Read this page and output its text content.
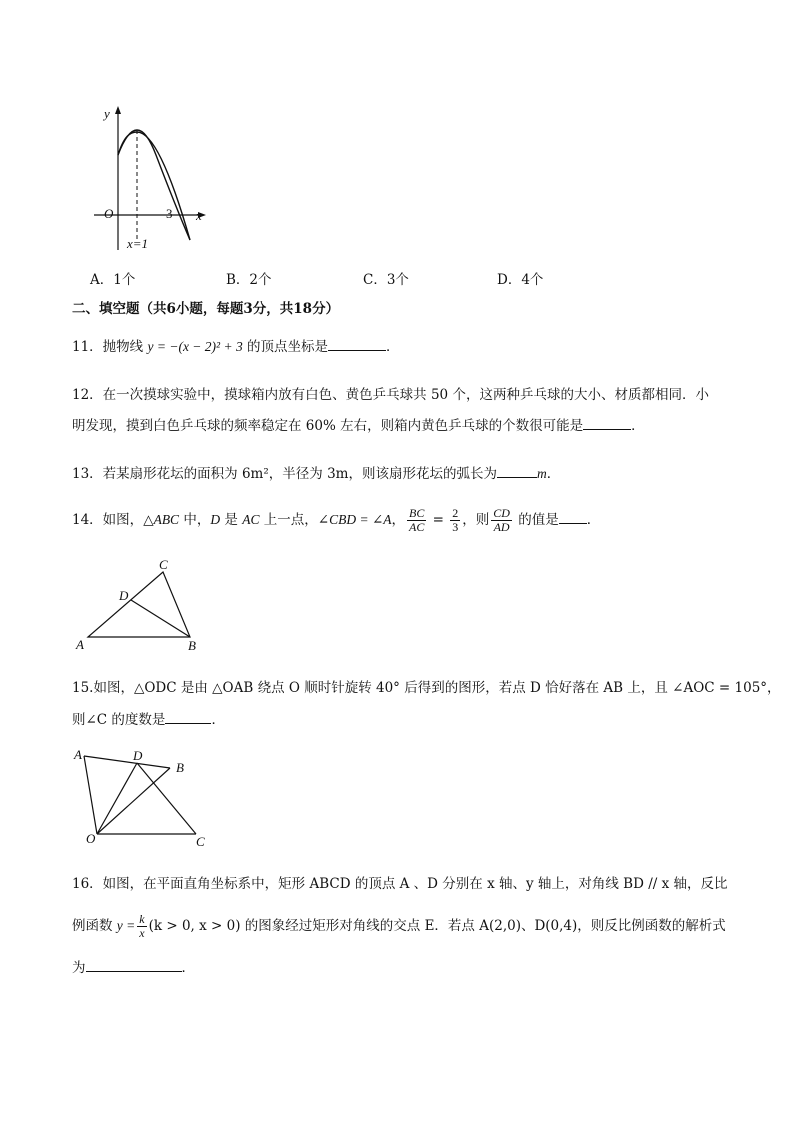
y
x
O	3
x=1
A．1个	B．2个	C．3个	D．4个
二、填空题（共6小题，每题3分，共18分）
11．抛物线 y = −(x − 2)² + 3 的顶点坐标是	．
12．在一次摸球实验中，摸球箱内放有白色、黄色乒乓球共 50 个，这两种乒乓球的大小、材质都相同．小
明发现，摸到白色乒乓球的频率稳定在 60% 左右，则箱内黄色乒乓球的个数很可能是	．
13．若某扇形花坛的面积为 6m²，半径为 3m，则该扇形花坛的弧长为	m．
14．如图，△ABC 中，D 是 AC 上一点，∠CBD = ∠A， $\frac{BC}{AC} = \frac{2}{3}$ ，则 $\frac{CD}{AD}$ 的值是 ．
A	B
C
D
15.如图，△ODC 是由 △OAB 绕点 O 顺时针旋转 40° 后得到的图形，若点 D 恰好落在 AB 上，且 ∠AOC = 105°，
则∠C 的度数是	．
A
B
C
D
O
16．如图，在平面直角坐标系中，矩形 ABCD 的顶点 A 、D 分别在 x 轴、y 轴上，对角线 BD // x 轴，反比
例函数 $y = \frac{k}{x} (k > 0$, x > 0) 的图象经过矩形对角线的交点 E．若点 A(2,0)、D(0,4)，则反比例函数的解析式
为	．
